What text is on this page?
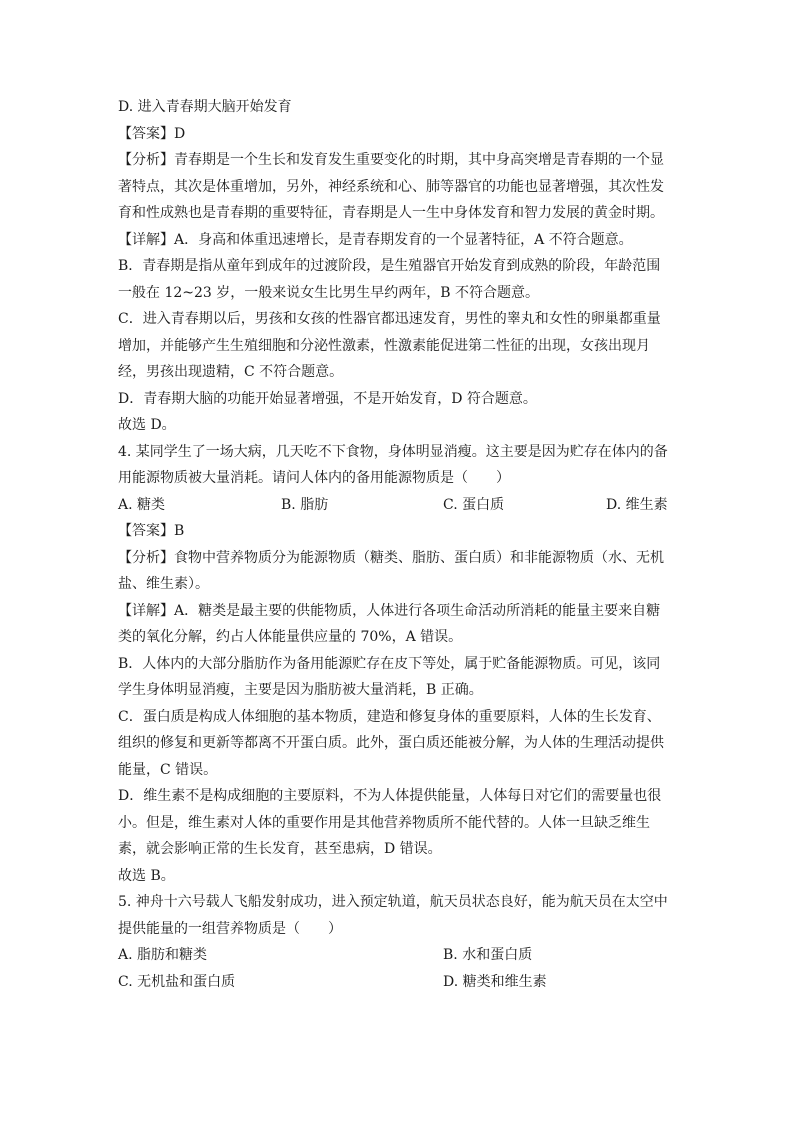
D. 进入青春期大脑开始发育
【答案】D
【分析】青春期是一个生长和发育发生重要变化的时期，其中身高突增是青春期的一个显
著特点，其次是体重增加，另外，神经系统和心、肺等器官的功能也显著增强，其次性发
育和性成熟也是青春期的重要特征，青春期是人一生中身体发育和智力发展的黄金时期。
【详解】A．身高和体重迅速增长，是青春期发育的一个显著特征，A 不符合题意。
B．青春期是指从童年到成年的过渡阶段，是生殖器官开始发育到成熟的阶段，年龄范围
一般在 12~23 岁，一般来说女生比男生早约两年，B 不符合题意。
C．进入青春期以后，男孩和女孩的性器官都迅速发育，男性的睾丸和女性的卵巢都重量
增加，并能够产生生殖细胞和分泌性激素，性激素能促进第二性征的出现，女孩出现月
经，男孩出现遗精，C 不符合题意。
D．青春期大脑的功能开始显著增强，不是开始发育，D 符合题意。
故选 D。
4. 某同学生了一场大病，几天吃不下食物，身体明显消瘦。这主要是因为贮存在体内的备
用能源物质被大量消耗。请问人体内的备用能源物质是（　　）
A. 糖类	B. 脂肪	C. 蛋白质	D. 维生素
【答案】B
【分析】食物中营养物质分为能源物质（糖类、脂肪、蛋白质）和非能源物质（水、无机
盐、维生素）。
【详解】A．糖类是最主要的供能物质，人体进行各项生命活动所消耗的能量主要来自糖
类的氧化分解，约占人体能量供应量的 70%，A 错误。
B．人体内的大部分脂肪作为备用能源贮存在皮下等处，属于贮备能源物质。可见，该同
学生身体明显消瘦，主要是因为脂肪被大量消耗，B 正确。
C．蛋白质是构成人体细胞的基本物质，建造和修复身体的重要原料，人体的生长发育、
组织的修复和更新等都离不开蛋白质。此外，蛋白质还能被分解，为人体的生理活动提供
能量，C 错误。
D．维生素不是构成细胞的主要原料，不为人体提供能量，人体每日对它们的需要量也很
小。但是，维生素对人体的重要作用是其他营养物质所不能代替的。人体一旦缺乏维生
素，就会影响正常的生长发育，甚至患病，D 错误。
故选 B。
5. 神舟十六号载人飞船发射成功，进入预定轨道，航天员状态良好，能为航天员在太空中
提供能量的一组营养物质是（　　）
A. 脂肪和糖类	B. 水和蛋白质
C. 无机盐和蛋白质	D. 糖类和维生素
